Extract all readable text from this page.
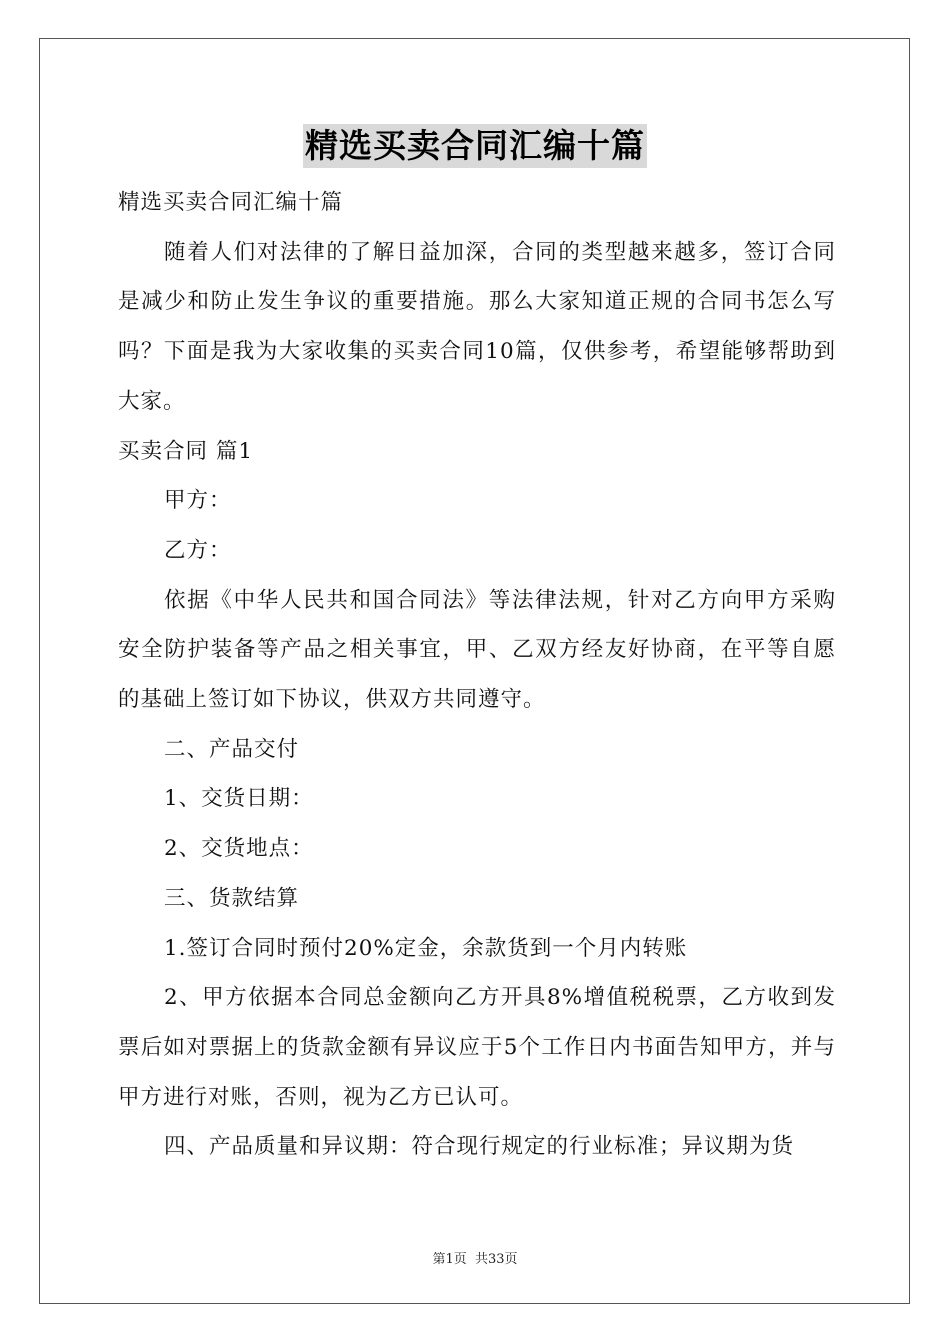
精选买卖合同汇编十篇

精选买卖合同汇编十篇

随着人们对法律的了解日益加深，合同的类型越来越多，签订合同是减少和防止发生争议的重要措施。那么大家知道正规的合同书怎么写吗？下面是我为大家收集的买卖合同10篇，仅供参考，希望能够帮助到大家。

买卖合同 篇1

甲方：

乙方：

依据《中华人民共和国合同法》等法律法规，针对乙方向甲方采购安全防护装备等产品之相关事宜，甲、乙双方经友好协商，在平等自愿的基础上签订如下协议，供双方共同遵守。

二、产品交付

1、交货日期：

2、交货地点：

三、货款结算

1.签订合同时预付20%定金，余款货到一个月内转账

2、甲方依据本合同总金额向乙方开具8%增值税税票，乙方收到发票后如对票据上的货款金额有异议应于5个工作日内书面告知甲方，并与甲方进行对账，否则，视为乙方已认可。

四、产品质量和异议期：符合现行规定的行业标准；异议期为货

第1页 共33页
